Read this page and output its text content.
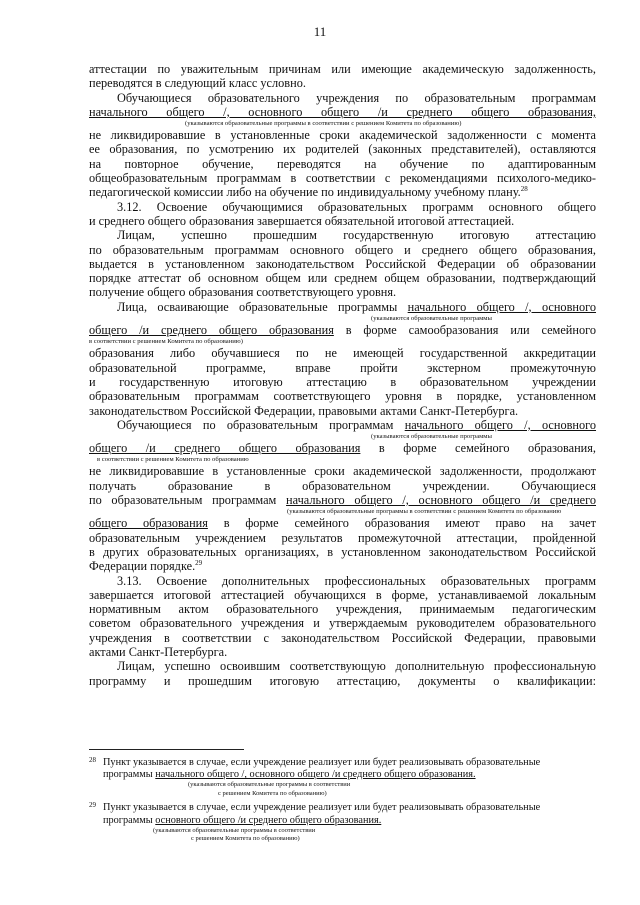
11
аттестации по уважительным причинам или имеющие академическую задолженность,
переводятся в следующий класс условно.
Обучающиеся образовательного учреждения по образовательным программам
начального общего /, основного общего /и среднего общего образования,
(указываются образовательные программы в соответствии с решением Комитета по образованию)
не ликвидировавшие в установленные сроки академической задолженности с момента
ее образования, по усмотрению их родителей (законных представителей), оставляются
на повторное обучение, переводятся на обучение по адаптированным
общеобразовательным программам в соответствии с рекомендациями психолого-медико-
педагогической комиссии либо на обучение по индивидуальному учебному плану.$^{28}$
3.12. Освоение обучающимися образовательных программ основного общего
и среднего общего образования завершается обязательной итоговой аттестацией.
Лицам, успешно прошедшим государственную итоговую аттестацию
по образовательным программам основного общего и среднего общего образования,
выдается в установленном законодательством Российской Федерации об образовании
порядке аттестат об основном общем или среднем общем образовании, подтверждающий
получение общего образования соответствующего уровня.
Лица, осваивающие образовательные программы начального общего /, основного
(указываются образовательные программы
общего /и среднего общего образования в форме самообразования или семейного
в соответствии с решением Комитета по образованию)
образования либо обучавшиеся по не имеющей государственной аккредитации
образовательной программе, вправе пройти экстерном промежуточную
и государственную итоговую аттестацию в образовательном учреждении
образовательным программам соответствующего уровня в порядке, установленном
законодательством Российской Федерации, правовыми актами Санкт-Петербурга.
Обучающиеся по образовательным программам начального общего /, основного
(указываются образовательные программы
общего /и среднего общего образования в форме семейного образования,
в соответствии с решением Комитета по образованию
не ликвидировавшие в установленные сроки академической задолженности, продолжают
получать образование в образовательном учреждении. Обучающиеся
по образовательным программам начального общего /, основного общего /и среднего
(указываются образовательные программы в соответствии с решением Комитета по образованию
общего образования в форме семейного образования имеют право на зачет
образовательным учреждением результатов промежуточной аттестации, пройденной
в других образовательных организациях, в установленном законодательством Российской
Федерации порядке.$^{29}$
3.13. Освоение дополнительных профессиональных образовательных программ
завершается итоговой аттестацией обучающихся в форме, устанавливаемой локальным
нормативным актом образовательного учреждения, принимаемым педагогическим
советом образовательного учреждения и утверждаемым руководителем образовательного
учреждения в соответствии с законодательством Российской Федерации, правовыми
актами Санкт-Петербурга.
Лицам, успешно освоившим соответствующую дополнительную профессиональную
программу и прошедшим итоговую аттестацию, документы о квалификации:
28 Пункт указывается в случае, если учреждение реализует или будет реализовывать образовательные
программы начального общего /, основного общего /и среднего общего образования.
(указываются образовательные программы в соответствии
с решением Комитета по образованию)
29 Пункт указывается в случае, если учреждение реализует или будет реализовывать образовательные
программы основного общего /и среднего общего образования.
(указываются образовательные программы в соответствии
с решением Комитета по образованию)
